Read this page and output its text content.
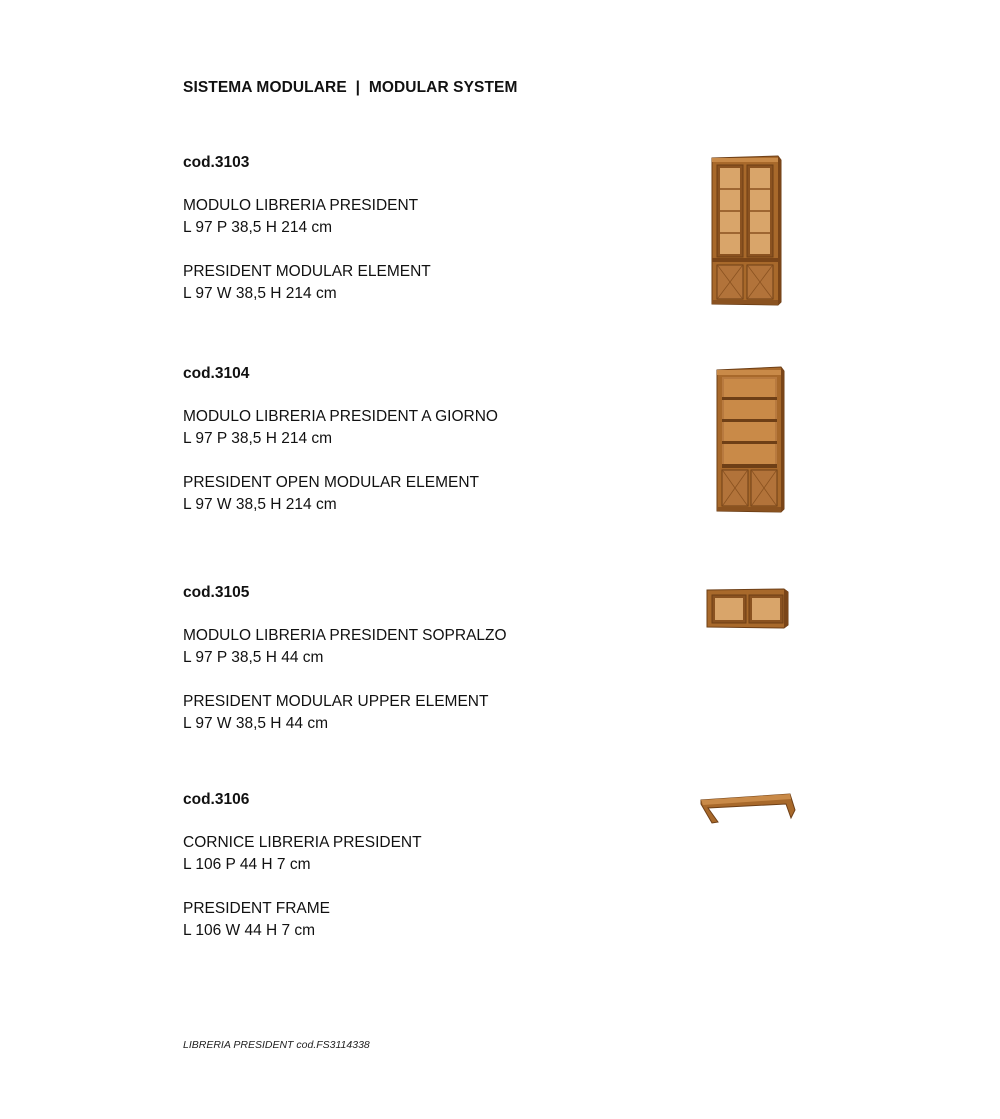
SISTEMA MODULARE  |  MODULAR SYSTEM
cod.3103
MODULO LIBRERIA PRESIDENT
L 97 P 38,5 H 214 cm
PRESIDENT MODULAR ELEMENT
L 97 W 38,5 H 214 cm
cod.3104
MODULO LIBRERIA PRESIDENT A GIORNO
L 97 P 38,5 H 214 cm
PRESIDENT OPEN MODULAR ELEMENT
L 97 W 38,5 H 214 cm
cod.3105
MODULO LIBRERIA PRESIDENT SOPRALZO
L 97 P 38,5 H 44 cm
PRESIDENT MODULAR UPPER ELEMENT
L 97 W 38,5 H 44 cm
cod.3106
CORNICE LIBRERIA PRESIDENT
L 106 P 44 H 7 cm
PRESIDENT FRAME
L 106 W 44 H 7 cm
LIBRERIA PRESIDENT cod.FS3114338
